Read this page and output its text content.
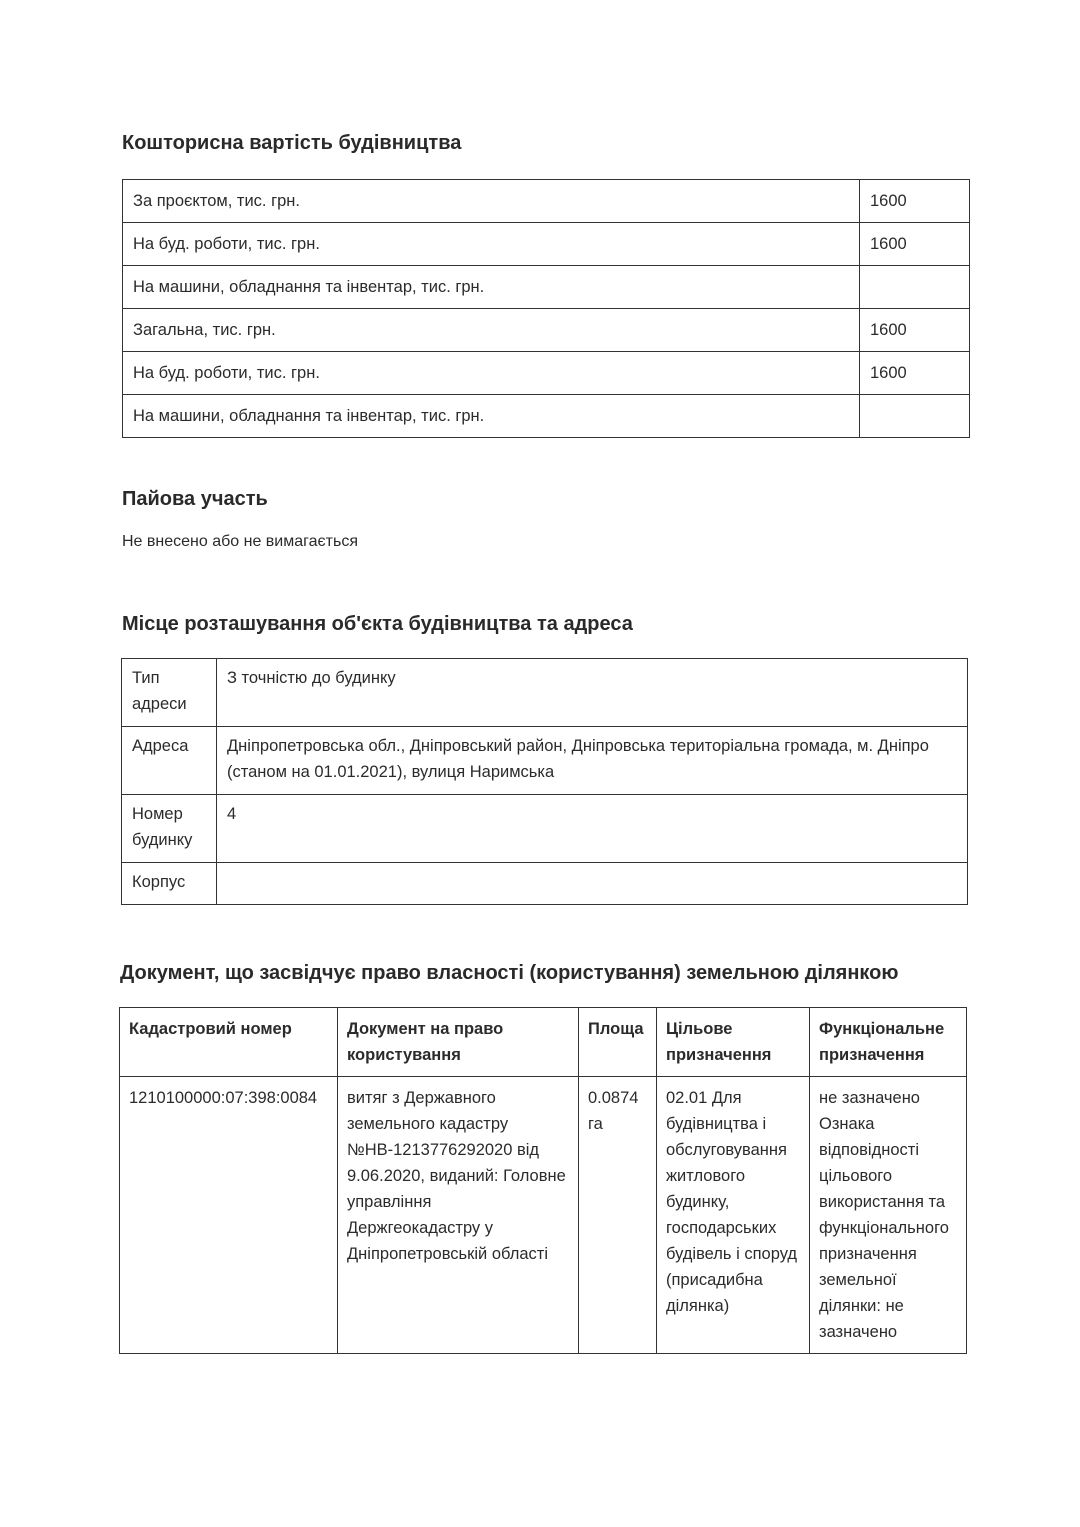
Кошторисна вартість будівництва
За проєктом, тис. грн.	1600
На буд. роботи, тис. грн.	1600
На машини, обладнання та інвентар, тис. грн.	
Загальна, тис. грн.	1600
На буд. роботи, тис. грн.	1600
На машини, обладнання та інвентар, тис. грн.	
Пайова участь

Не внесено або не вимагається

Місце розташування об'єкта будівництва та адреса
Тип адреси	З точністю до будинку
Адреса	Дніпропетровська обл., Дніпровський район, Дніпровська територіальна громада, м. Дніпро (станом на 01.01.2021), вулиця Наримська
Номер будинку	4
Корпус	
Документ, що засвідчує право власності (користування) земельною ділянкою
Кадастровий номер	Документ на право користування	Площа	Цільове призначення	Функціональне призначення
1210100000:07:398:0084	витяг з Державного земельного кадастру №НВ-1213776292020 від 9.06.2020, виданий: Головне управління Держгеокадастру у Дніпропетровській області	0.0874 га	02.01 Для будівництва і обслуговування житлового будинку, господарських будівель і споруд (присадибна ділянка)	не зазначено Ознака відповідності цільового використання та функціонального призначення земельної ділянки: не зазначено
